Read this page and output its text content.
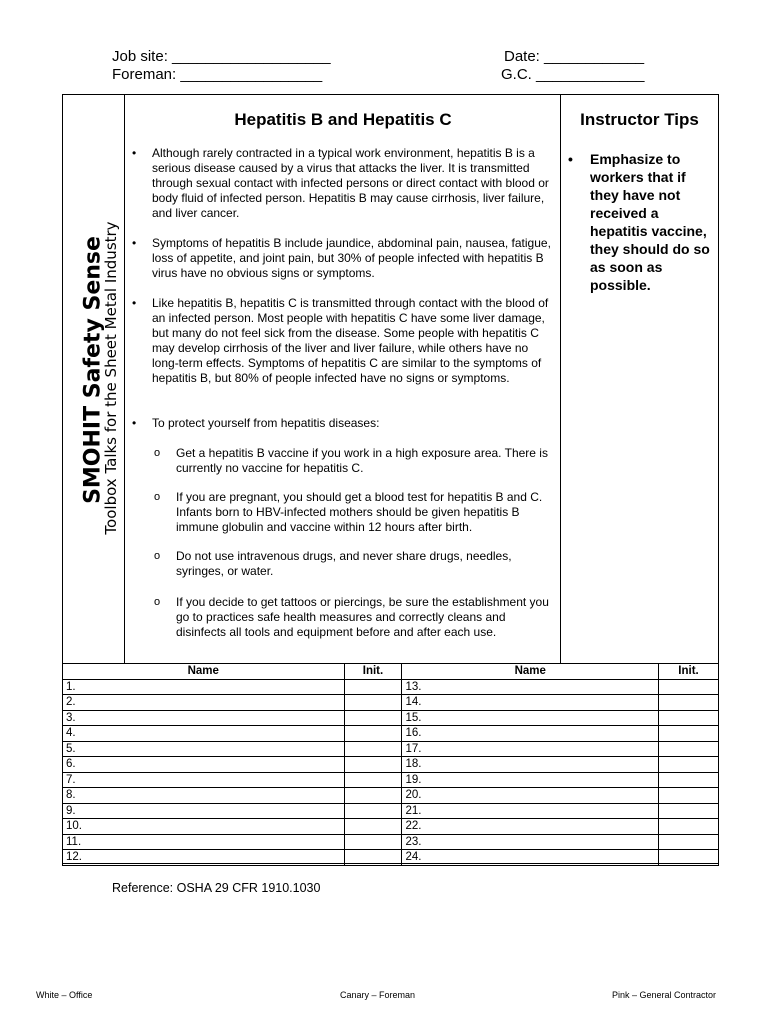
Job site: ___________________
Foreman: _________________
Date: ____________
G.C. _____________
SMOHIT Safety Sense
Toolbox Talks for the Sheet Metal Industry
Hepatitis B and Hepatitis C	Instructor Tips
• Although rarely contracted in a typical work environment, hepatitis B is a serious disease caused by a virus that attacks the liver. It is transmitted through sexual contact with infected persons or direct contact with blood or body fluid of infected person. Hepatitis B may cause cirrhosis, liver failure, and liver cancer.
• Symptoms of hepatitis B include jaundice, abdominal pain, nausea, fatigue, loss of appetite, and joint pain, but 30% of people infected with hepatitis B virus have no obvious signs or symptoms.
• Like hepatitis B, hepatitis C is transmitted through contact with the blood of an infected person. Most people with hepatitis C have some liver damage, but many do not feel sick from the disease. Some people with hepatitis C may develop cirrhosis of the liver and liver failure, while others have no long-term effects. Symptoms of hepatitis C are similar to the symptoms of hepatitis B, but 80% of people infected have no signs or symptoms.
• To protect yourself from hepatitis diseases:
o Get a hepatitis B vaccine if you work in a high exposure area. There is currently no vaccine for hepatitis C.
o If you are pregnant, you should get a blood test for hepatitis B and C. Infants born to HBV-infected mothers should be given hepatitis B immune globulin and vaccine within 12 hours after birth.
o Do not use intravenous drugs, and never share drugs, needles, syringes, or water.
o If you decide to get tattoos or piercings, be sure the establishment you go to practices safe health measures and correctly cleans and disinfects all tools and equipment before and after each use.
• Emphasize to workers that if they have not received a hepatitis vaccine, they should do so as soon as possible.
Name	Init.	Name	Init.
1.		13.	
2.		14.	
3.		15.	
4.		16.	
5.		17.	
6.		18.	
7.		19.	
8.		20.	
9.		21.	
10.		22.	
11.		23.	
12.		24.	
Reference: OSHA 29 CFR 1910.1030
White – Office	Canary – Foreman	Pink – General Contractor
